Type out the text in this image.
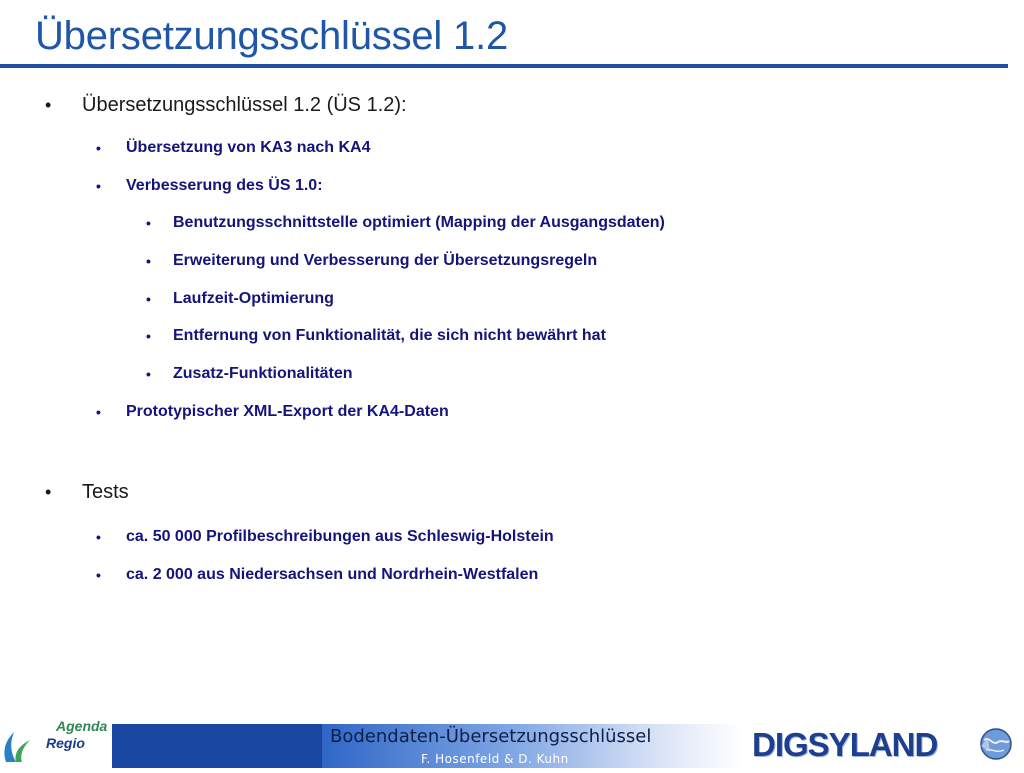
Übersetzungsschlüssel 1.2
• Übersetzungsschlüssel 1.2 (ÜS 1.2):
• Übersetzung von KA3 nach KA4
• Verbesserung des ÜS 1.0:
• Benutzungsschnittstelle optimiert (Mapping der Ausgangsdaten)
• Erweiterung und Verbesserung der Übersetzungsregeln
• Laufzeit-Optimierung
• Entfernung von Funktionalität, die sich nicht bewährt hat
• Zusatz-Funktionalitäten
• Prototypischer XML-Export der KA4-Daten
• Tests
• ca. 50 000 Profilbeschreibungen aus Schleswig-Holstein
• ca. 2 000 aus Niedersachsen und Nordrhein-Westfalen
Agenda
Regio	Bodendaten-Übersetzungsschlüssel
F. Hosenfeld & D. Kuhn	DIGSYLAND
